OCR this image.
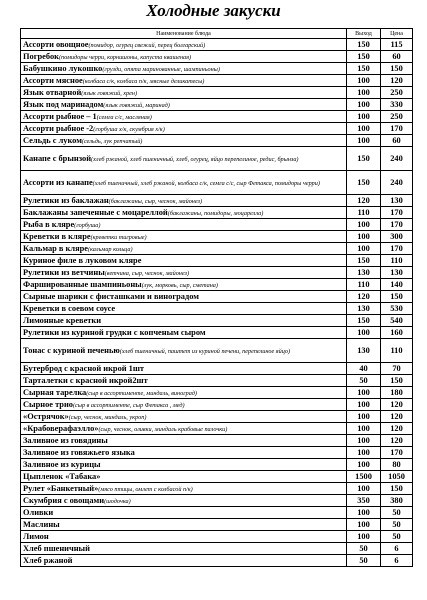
Холодные закуски
Наименование блюда	Выход	Цена
Ассорти овощное(помидор, огурец свежий, перец болгарский)	150	115
Погребок(помидоры черри, корнишоны, капуста квашеная)	150	60
Бабушкино лукошко(грузди, опята маринованные, шампиньоны)	150	150
Ассорти мясное(колбаса с/к, колбаса п/к, мясные деликатесы)	100	120
Язык отварной(язык говяжий, хрен)	100	250
Язык под маринадом(язык говяжий, маринад)	100	330
Ассорти рыбное – 1(семга с/с, масляная)	100	250
Ассорти рыбное -2(горбуша х/к, скумбрия х/к)	100	170
Сельдь с луком(сельдь, лук репчатый)	100	60
Канапе с брынзой(хлеб ржаной, хлеб пшеничный, хлеб, огурец, яйцо перепелиное, редис, брынза)	150	240
Ассорти из канапе(хлеб пшеничный, хлеб ржаной, колбаса с/к, семга с/с, сыр Фетакса, помидоры черри)	150	240
Рулетики из баклажан(баклажаны, сыр, чеснок, майонез)	120	130
Баклажаны запеченные с моцареллой(баклажаны, помидоры, моцарелла)	110	170
Рыба в кляре(горбуша)	100	170
Креветки в кляре(креветки тигровые)	100	300
Кальмар в кляре(кальмар кольца)	100	170
Куриное филе в луковом кляре	150	110
Рулетики из ветчины(ветчина, сыр, чеснок, майонез)	130	130
Фаршированные шампиньоны(лук, морковь, сыр, сметана)	110	140
Сырные шарики с фисташками и виноградом	120	150
Креветки в соевом соусе	130	530
Лимонные креветки	150	540
Рулетики из куриной грудки с копченым сыром	100	160
Тонас с куриной печенью(хлеб пшеничный, паштет из куриной печени, перепелиное яйцо)	130	110
Бутерброд с красной икрой 1шт	40	70
Тарталетки с красной икрой2шт	50	150
Сырная тарелка(сыр в ассортименте, миндаль, виноград)	100	180
Сырное трио(сыр в ассортименте, сыр Фетакса , мед)	100	120
«Острячок»(сыр, чеснок, миндаль, укроп)	100	120
«Крабоверафаэлло»(сыр, чеснок, оливки, миндаль крабовые палочки)	100	120
Заливное из говядины	100	120
Заливное из говяжьего языка	100	170
Заливное из курицы	100	80
Цыпленок «Табака»	1500	1050
Рулет «Банкетный»(мясо птицы, омлет с колбасой п/к)	100	150
Скумбрия с овощами(шодочка)	350	380
Оливки	100	50
Маслины	100	50
Лимон	100	50
Хлеб пшеничный	50	6
Хлеб ржаной	50	6
